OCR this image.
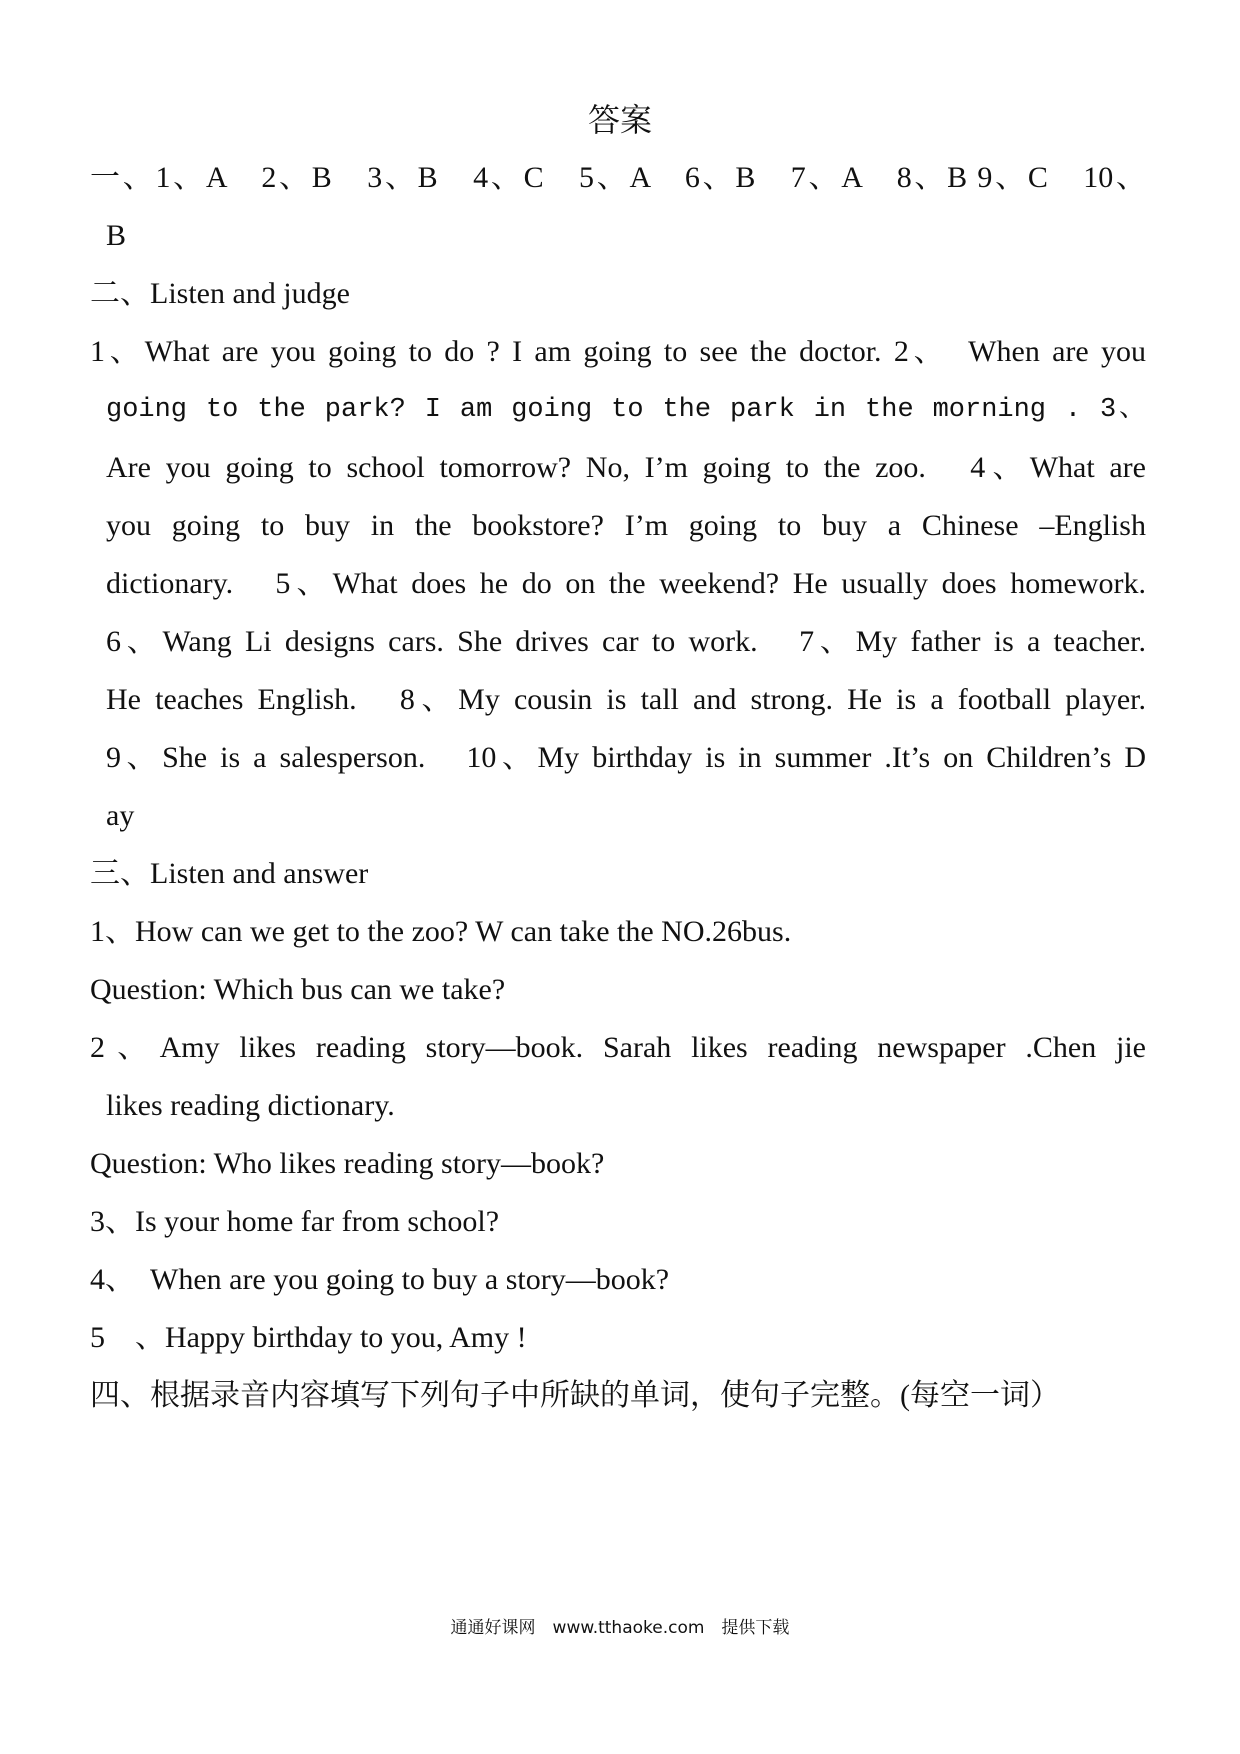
答案
一、1、A　2、B　3、B　4、C　5、A　6、B　7、A　8、B 9、C　10、
B
二、Listen and judge
1、What are you going to do ? I am going to see the doctor. 2、　When are you
going to the park? I am going to the park in the morning . 3、
Are you going to school tomorrow? No, I’m going to the zoo.　4、What are
you going to buy in the bookstore? I’m going to buy a Chinese –English
dictionary.　5、What does he do on the weekend? He usually does homework.
6、Wang Li designs cars. She drives car to work.　7、My father is a teacher.
He teaches English.　8、My cousin is tall and strong. He is a football player.
9、She is a salesperson.　10、My birthday is in summer .It’s on Children’s D
ay
三、Listen and answer
1、How can we get to the zoo? W can take the NO.26bus.
Question: Which bus can we take?
2、Amy likes reading story—book. Sarah likes reading newspaper .Chen jie
likes reading dictionary.
Question: Who likes reading story—book?
3、Is your home far from school?
4、　When are you going to buy a story—book?
5　、Happy birthday to you, Amy !
四、根据录音内容填写下列句子中所缺的单词，使句子完整。(每空一词）
通通好课网　www.tthaoke.com　提供下载
